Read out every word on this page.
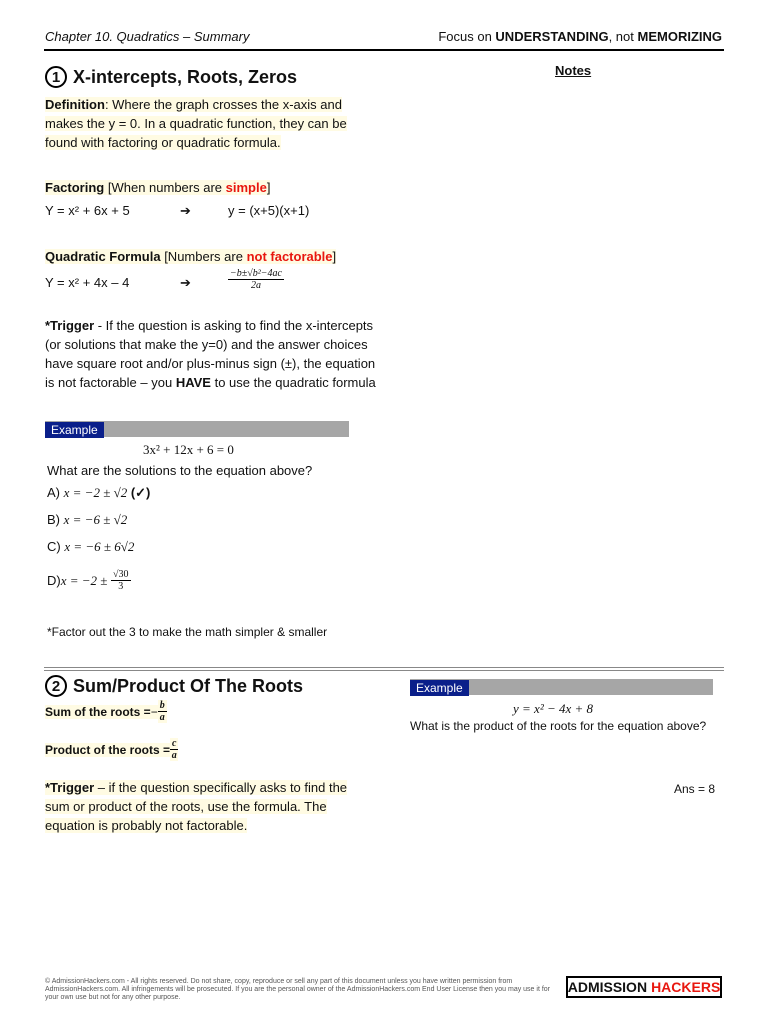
Chapter 10. Quadratics – Summary	Focus on UNDERSTANDING, not MEMORIZING
Notes
1 X-intercepts, Roots, Zeros
Definition: Where the graph crosses the x-axis and makes the y = 0. In a quadratic function, they can be found with factoring or quadratic formula.
Factoring [When numbers are simple]
Y = x² + 6x + 5	➔	y = (x+5)(x+1)
Quadratic Formula [Numbers are not factorable]
Y = x² + 4x – 4	➔	$\frac{\text{−b±√b²−4ac}}{2a}$
*Trigger - If the question is asking to find the x-intercepts (or solutions that make the y=0) and the answer choices have square root and/or plus-minus sign (±), the equation is not factorable – you HAVE to use the quadratic formula
Example
3x² + 12x + 6 = 0
What are the solutions to the equation above?
A) x = −2 ± √2 (✓)
B) x = −6 ± √2
C) x = −6 ± 6√2
D) x = −2 ±
$\frac{√30}{3}$
*Factor out the 3 to make the math simpler & smaller
2 Sum/Product Of The Roots
Sum of the roots = − $\frac{b}{a}$
Product of the roots = $\frac{c}{a}$
*Trigger – if the question specifically asks to find the sum or product of the roots, use the formula. The equation is probably not factorable.
Example
y = x² − 4x + 8
What is the product of the roots for the equation above?
Ans = 8
© AdmissionHackers.com - All rights reserved. Do not share, copy, reproduce or sell any part of this document unless you have written permission from AdmissionHackers.com. All infringements will be prosecuted. If you are the personal owner of the AdmissionHackers.com End User License then you may use it for your own use but not for any other purpose.
ADMISSION HACKERS
